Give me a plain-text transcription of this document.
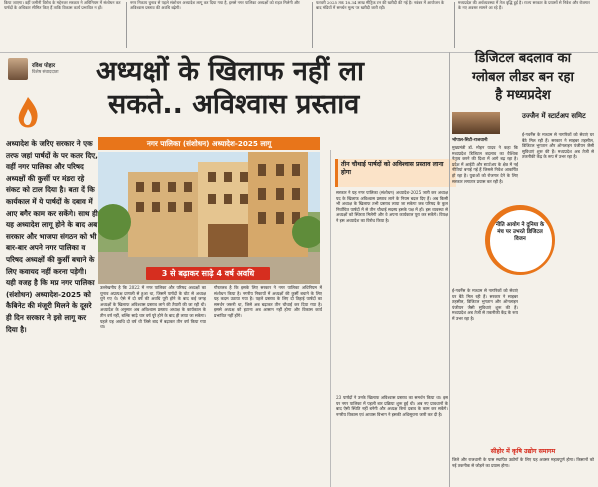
किया जाएगा। वहीं जमीनी विरोध के मद्देनजर सरकार ने अधिनियम में संशोधन कर पार्षदों के अधिकार सीमित किए हैं ताकि विकास कार्य प्रभावित न हों।
नगर निकाय चुनाव से पहले संशोधन अध्यादेश लागू कर दिया गया है, इससे नगर पालिका अध्यक्षों को राहत मिलेगी और अविश्वास प्रस्ताव की अवधि बढ़ेगी।
फरवरी 2025 तक 18.34 लाख मीट्रिक टन की खरीदी की गई है। नवंबर में आयोजन के बाद मंडियों में समर्थन मूल्य पर खरीदी जारी रही।
मध्यप्रदेश की अर्थव्यवस्था में तेज वृद्धि हुई है। राज्य सरकार के प्रयासों से निवेश और रोजगार के नए अवसर सामने आ रहे हैं।
रविश पोहार
विशेष संवाददाता अध्यक्षों के खिलाफ नहीं ला
सकते.. अविश्वास प्रस्ताव

अध्यादेश के जरिए सरकार ने एक तरफ जहां पार्षदों के पर कतर दिए, वहीं नगर पालिका और परिषद अध्यक्षों की कुर्सी पर मंडरा रहे संकट को टाल दिया है। बता दें कि कार्यकाल में ये पार्षदों के दबाव में आए बगैर काम कर सकेंगे। साथ ही यह अध्यादेश लागू होने के बाद अब सरकार और भाजपा संगठन को भी बार-बार अपने नगर पालिका व परिषद अध्यक्षों की कुर्सी बचाने के लिए कवायद नहीं करना पड़ेगी। यही वजह है कि मप्र नगर पालिका (संशोधन) अध्यादेश-2025 को कैबिनेट की मंजूरी मिलने के दूसरे ही दिन सरकार ने इसे लागू कर दिया है।

नगर पालिका (संशोधन) अध्यादेश-2025 लागू
3 से बढ़ाकर साढ़े 4 वर्ष अवधि
उल्लेखनीय है कि 2022 में नगर पालिका और परिषद अध्यक्षों का चुनाव अप्रत्यक्ष प्रणाली से हुआ था, जिसमें पार्षदों के वोट से अध्यक्ष चुने गए थे। ऐसे में दो वर्ष की अवधि पूरी होने के बाद कई जगह अध्यक्षों के खिलाफ अविश्वास प्रस्ताव लाने की तैयारी की जा रही थी। अध्यादेश के अनुसार अब अविश्वास प्रस्ताव अध्यक्ष के कार्यकाल के तीन वर्ष नहीं, बल्कि साढ़े चार वर्ष पूरे होने के बाद ही लाया जा सकेगा। पहले यह अवधि दो वर्ष थी जिसे बाद में बढ़ाकर तीन वर्ष किया गया था।
गौरतलब है कि इसके लिए सरकार ने नगर पालिका अधिनियम में संशोधन किया है। नगरीय निकायों में अध्यक्षों की कुर्सी बचाने के लिए यह कदम उठाया गया है। पहले प्रस्ताव के लिए दो तिहाई पार्षदों का समर्थन जरूरी था, जिसे अब बढ़ाकर तीन चौथाई कर दिया गया है। इससे अध्यक्ष को हटाना अब आसान नहीं होगा और विकास कार्य प्रभावित नहीं होंगे।
तीन चौथाई पार्षदों को अविश्वास प्रस्ताव लाना होगा
सरकार ने यह नगर पालिका (संशोधन) अध्यादेश-2025 जारी कर अध्यक्ष पद के खिलाफ अविश्वास प्रस्ताव लाने के नियम बदल दिए हैं। अब किसी भी अध्यक्ष के खिलाफ तभी प्रस्ताव लाया जा सकेगा जब परिषद के कुल निर्वाचित पार्षदों में से तीन चौथाई सदस्य इसके पक्ष में हों। इस व्यवस्था से अध्यक्षों को स्थिरता मिलेगी और वे अपना कार्यकाल पूरा कर सकेंगे। विपक्ष ने इस अध्यादेश का विरोध किया है।
23 पार्षदों ने उनके खिलाफ अविश्वास प्रस्ताव का समर्थन किया था। इस पर नगर पालिका में पहली बार प्रक्रिया शुरू हुई थी। अब नए प्रावधानों के बाद ऐसी स्थिति नहीं बनेगी और अध्यक्ष बिना दबाव के काम कर सकेंगे। नगरीय विकास एवं आवास विभाग ने इसकी अधिसूचना जारी कर दी है।
डिजिटल बदलाव का
ग्लोबल लीडर बन रहा
है मध्यप्रदेश
भोपाल-सिटी-राजधानी
मुख्यमंत्री डॉ. मोहन यादव ने कहा कि मध्यप्रदेश डिजिटल बदलाव का वैश्विक नेतृत्व करने की दिशा में आगे बढ़ रहा है। प्रदेश में आईटी और स्टार्टअप के क्षेत्र में नई नीतियां बनाई गई हैं जिससे निवेश आकर्षित हो रहा है। युवाओं को रोजगार देने के लिए सरकार लगातार प्रयास कर रही है।
उज्जैन में स्टार्टअप समिट
ई-गवर्नेंस के माध्यम से नागरिकों को सेवाएं घर बैठे मिल रही हैं। सरकार ने साइबर तहसील, डिजिटल भुगतान और ऑनलाइन पंजीयन जैसी सुविधाएं शुरू की हैं। मध्यप्रदेश अब तेजी से तकनीकी केंद्र के रूप में उभर रहा है।
ई-गवर्नेंस के माध्यम से नागरिकों को सेवाएं घर बैठे मिल रही हैं। सरकार ने साइबर तहसील, डिजिटल भुगतान और ऑनलाइन पंजीयन जैसी सुविधाएं शुरू की हैं। मध्यप्रदेश अब तेजी से तकनीकी केंद्र के रूप में उभर रहा है।
नीति आयोग ने दुनिया के मंच पर उभरते डिजिटल विजन
सीहोर में कृषि उद्योग समागम
जिले और राजधानी के पास स्थापित उद्योगों के लिए यह अवसर महत्वपूर्ण होगा। किसानों को नई तकनीक से जोड़ने का प्रयास होगा।
